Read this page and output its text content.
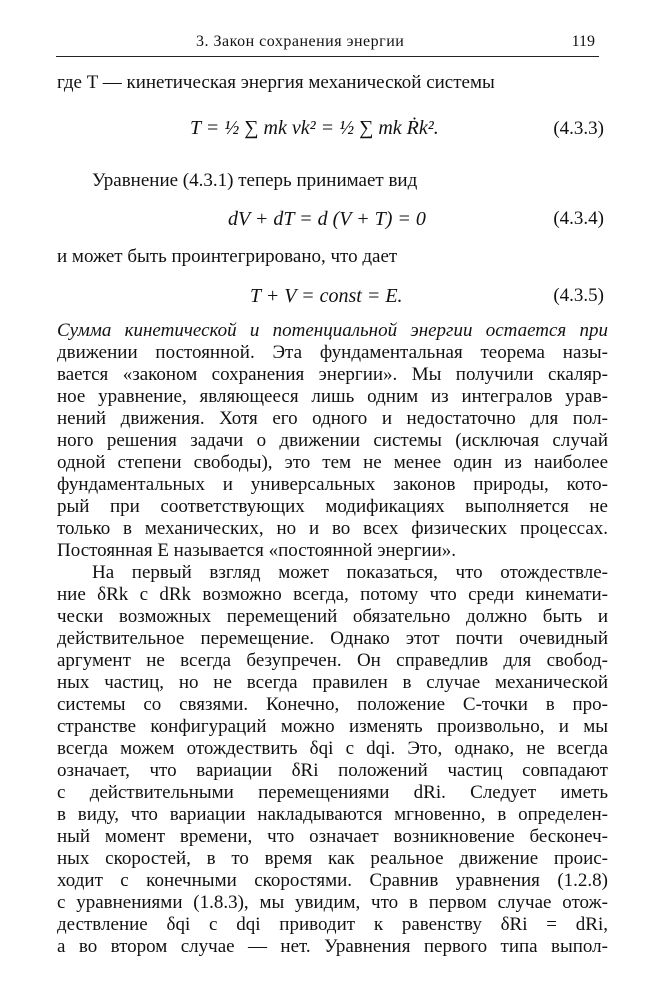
3. Закон сохранения энергии	119
где T — кинетическая энергия механической системы
T = ½ ∑ mk vk² = ½ ∑ mk Ṙk².	(4.3.3)
Уравнение (4.3.1) теперь принимает вид
dV + dT = d (V + T) = 0	(4.3.4)
и может быть проинтегрировано, что дает
T + V = const = E.	(4.3.5)
Сумма кинетической и потенциальной энергии остается при
движении постоянной. Эта фундаментальная теорема назы-
вается «законом сохранения энергии». Мы получили скаляр-
ное уравнение, являющееся лишь одним из интегралов урав-
нений движения. Хотя его одного и недостаточно для пол-
ного решения задачи о движении системы (исключая случай
одной степени свободы), это тем не менее один из наиболее
фундаментальных и универсальных законов природы, кото-
рый при соответствующих модификациях выполняется не
только в механических, но и во всех физических процессах.
Постоянная E называется «постоянной энергии».
На первый взгляд может показаться, что отождествле-
ние δRk с dRk возможно всегда, потому что среди кинемати-
чески возможных перемещений обязательно должно быть и
действительное перемещение. Однако этот почти очевидный
аргумент не всегда безупречен. Он справедлив для свобод-
ных частиц, но не всегда правилен в случае механической
системы со связями. Конечно, положение C-точки в про-
странстве конфигураций можно изменять произвольно, и мы
всегда можем отождествить δqi с dqi. Это, однако, не всегда
означает, что вариации δRi положений частиц совпадают
с действительными перемещениями dRi. Следует иметь
в виду, что вариации накладываются мгновенно, в определен-
ный момент времени, что означает возникновение бесконеч-
ных скоростей, в то время как реальное движение проис-
ходит с конечными скоростями. Сравнив уравнения (1.2.8)
с уравнениями (1.8.3), мы увидим, что в первом случае отож-
дествление δqi с dqi приводит к равенству δRi = dRi,
а во втором случае — нет. Уравнения первого типа выпол-
